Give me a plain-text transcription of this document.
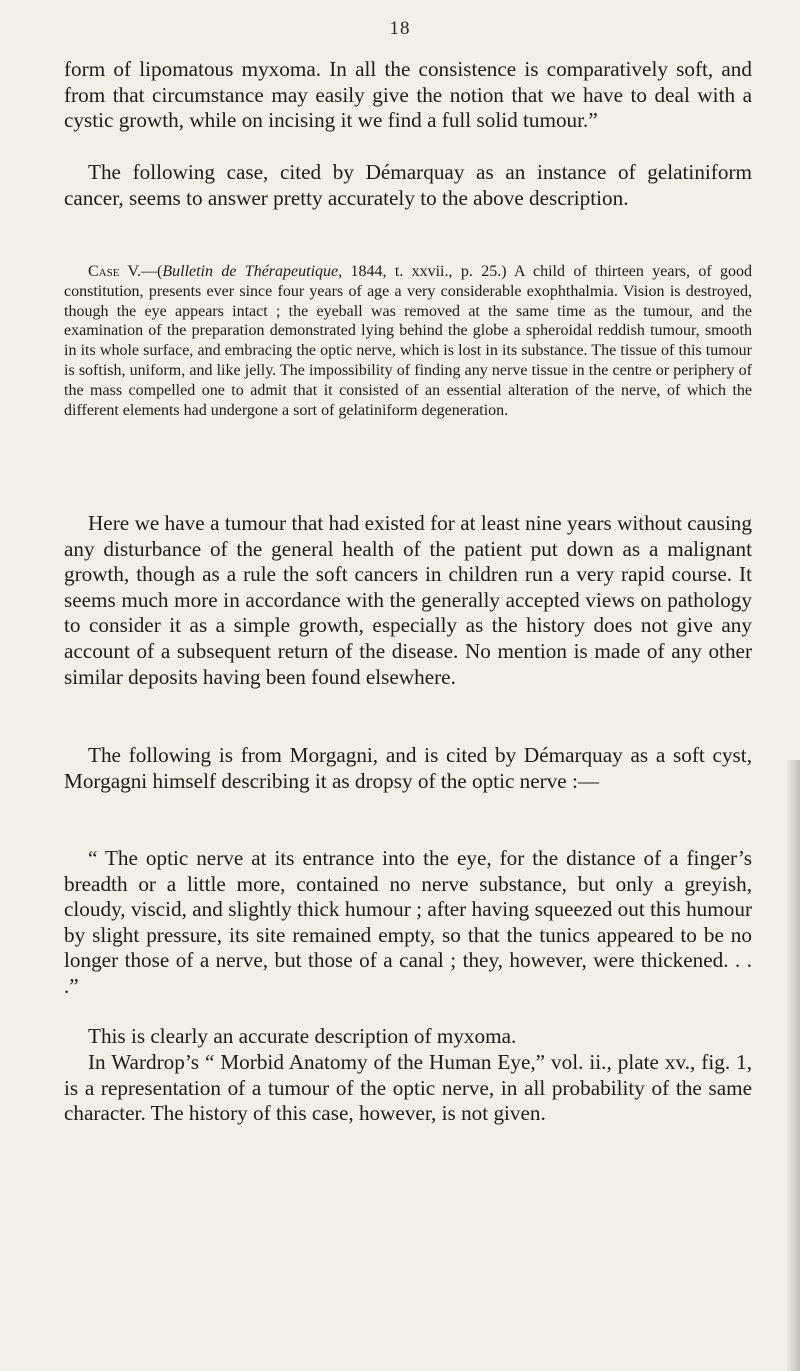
18

form of lipomatous myxoma. In all the consistence is comparatively soft, and from that circumstance may easily give the notion that we have to deal with a cystic growth, while on incising it we find a full solid tumour.”

The following case, cited by Démarquay as an instance of gelatiniform cancer, seems to answer pretty accurately to the above description.

Case V.—(Bulletin de Thérapeutique, 1844, t. xxvii., p. 25.) A child of thirteen years, of good constitution, presents ever since four years of age a very considerable exophthalmia. Vision is destroyed, though the eye appears intact ; the eyeball was removed at the same time as the tumour, and the examination of the preparation demonstrated lying behind the globe a spheroidal reddish tumour, smooth in its whole surface, and embracing the optic nerve, which is lost in its substance. The tissue of this tumour is softish, uniform, and like jelly. The impossibility of finding any nerve tissue in the centre or periphery of the mass compelled one to admit that it consisted of an essential alteration of the nerve, of which the different elements had undergone a sort of gelatiniform degeneration.

Here we have a tumour that had existed for at least nine years without causing any disturbance of the general health of the patient put down as a malignant growth, though as a rule the soft cancers in children run a very rapid course. It seems much more in accordance with the generally accepted views on pathology to consider it as a simple growth, especially as the history does not give any account of a subsequent return of the disease. No mention is made of any other similar deposits having been found elsewhere.

The following is from Morgagni, and is cited by Démarquay as a soft cyst, Morgagni himself describing it as dropsy of the optic nerve :—

“ The optic nerve at its entrance into the eye, for the distance of a finger’s breadth or a little more, contained no nerve substance, but only a greyish, cloudy, viscid, and slightly thick humour ; after having squeezed out this humour by slight pressure, its site remained empty, so that the tunics appeared to be no longer those of a nerve, but those of a canal ; they, however, were thickened. . . .”

This is clearly an accurate description of myxoma.

In Wardrop’s “ Morbid Anatomy of the Human Eye,” vol. ii., plate xv., fig. 1, is a representation of a tumour of the optic nerve, in all probability of the same character. The history of this case, however, is not given.
